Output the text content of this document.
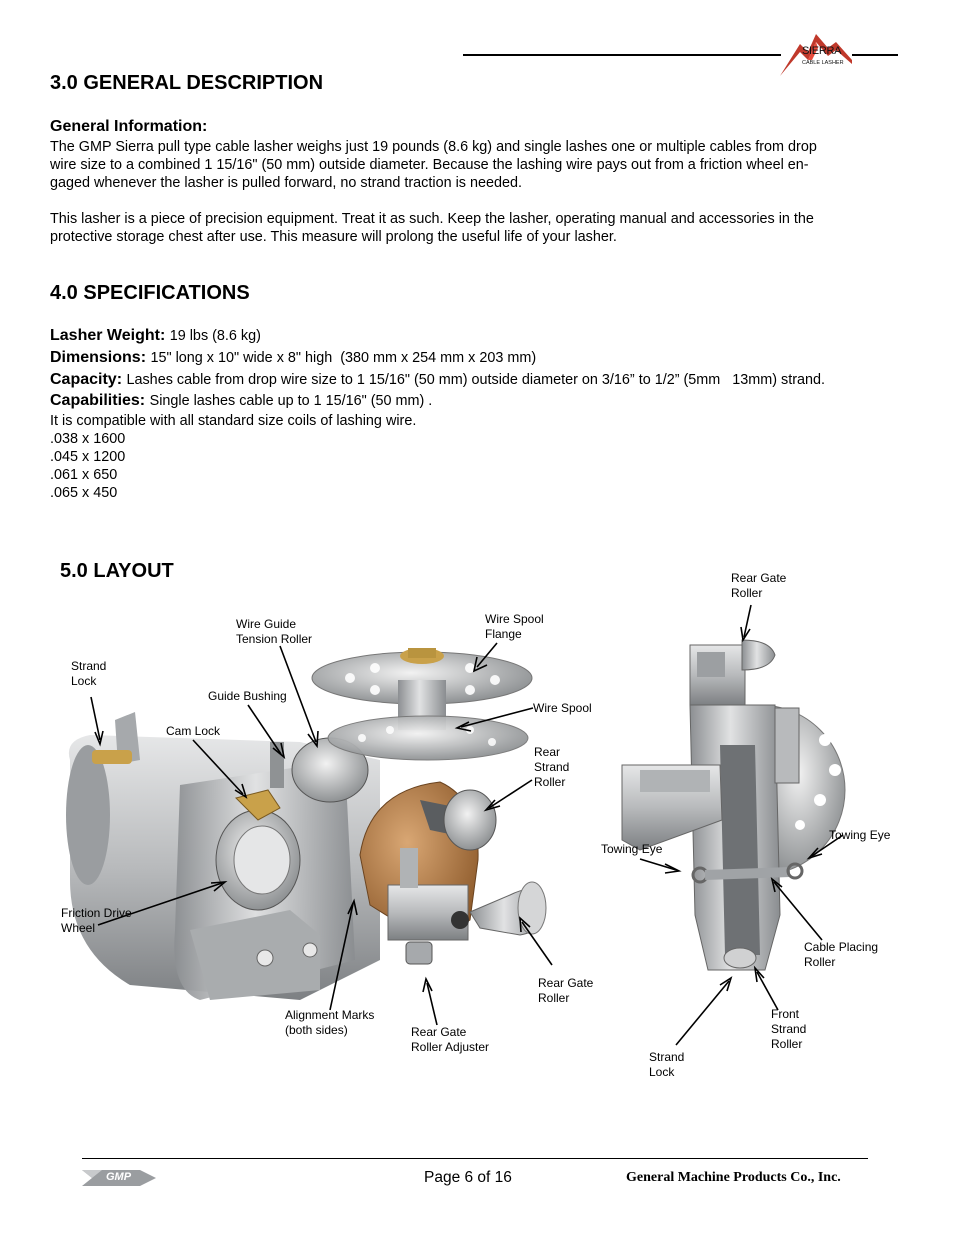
SIERRA
CABLE LASHER
3.0 GENERAL DESCRIPTION
General Information:
The GMP Sierra pull type cable lasher weighs just 19 pounds (8.6 kg) and single lashes one or multiple cables from drop
wire size to a combined 1 15/16" (50 mm) outside diameter. Because the lashing wire pays out from a friction wheel en-
gaged whenever the lasher is pulled forward, no strand traction is needed.
This lasher is a piece of precision equipment. Treat it as such. Keep the lasher, operating manual and accessories in the
protective storage chest after use. This measure will prolong the useful life of your lasher.
4.0 SPECIFICATIONS
Lasher Weight: 19 lbs (8.6 kg)
Dimensions: 15" long x 10" wide x 8" high  (380 mm x 254 mm x 203 mm)
Capacity: Lashes cable from drop wire size to 1 15/16" (50 mm) outside diameter on 3/16” to 1/2” (5mm   13mm) strand.
Capabilities: Single lashes cable up to 1 15/16" (50 mm) .
It is compatible with all standard size coils of lashing wire.
.038 x 1600
.045 x 1200
.061 x 650
.065 x 450
5.0 LAYOUT
Strand
Lock
Wire Guide
Tension Roller
Wire Spool
Flange
Guide Bushing
Cam Lock
Wire Spool
Rear
Strand
Roller
Friction Drive
Wheel
Rear Gate
Roller
Alignment Marks
(both sides)	Rear Gate
Roller Adjuster
Rear Gate
Roller
Towing Eye
Towing Eye
Cable Placing
Roller
Front
Strand
Roller
Strand
Lock
GMP	Page 6 of 16	General Machine Products Co., Inc.
